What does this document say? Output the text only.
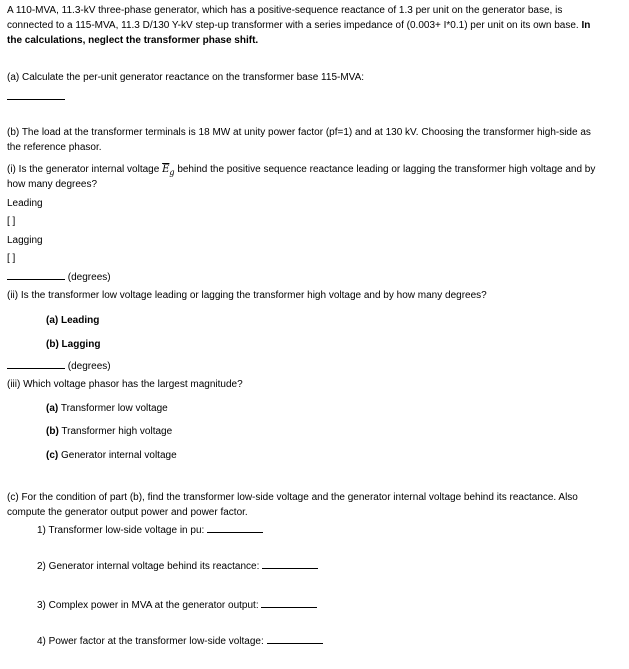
A 110-MVA, 11.3-kV three-phase generator, which has a positive-sequence reactance of 1.3 per unit on the generator base, is
connected to a 115-MVA, 11.3 D/130 Y-kV step-up transformer with a series impedance of (0.003+ I*0.1) per unit on its own base. In
the calculations, neglect the transformer phase shift.
(a) Calculate the per-unit generator reactance on the transformer base 115-MVA:
(b) The load at the transformer terminals is 18 MW at unity power factor (pf=1) and at 130 kV. Choosing the transformer high-side as
the reference phasor.
(i) Is the generator internal voltage $\overline{E}_g$ behind the positive sequence reactance leading or lagging the transformer high voltage and by
how many degrees?
Leading
[ ]
Lagging
[ ]
(degrees)
(ii) Is the transformer low voltage leading or lagging the transformer high voltage and by how many degrees?
(a) Leading
(b) Lagging
(degrees)
(iii) Which voltage phasor has the largest magnitude?
(a) Transformer low voltage
(b) Transformer high voltage
(c) Generator internal voltage
(c) For the condition of part (b), find the transformer low-side voltage and the generator internal voltage behind its reactance. Also
compute the generator output power and power factor.
1) Transformer low-side voltage in pu:
2) Generator internal voltage behind its reactance:
3) Complex power in MVA at the generator output:
4) Power factor at the transformer low-side voltage:
